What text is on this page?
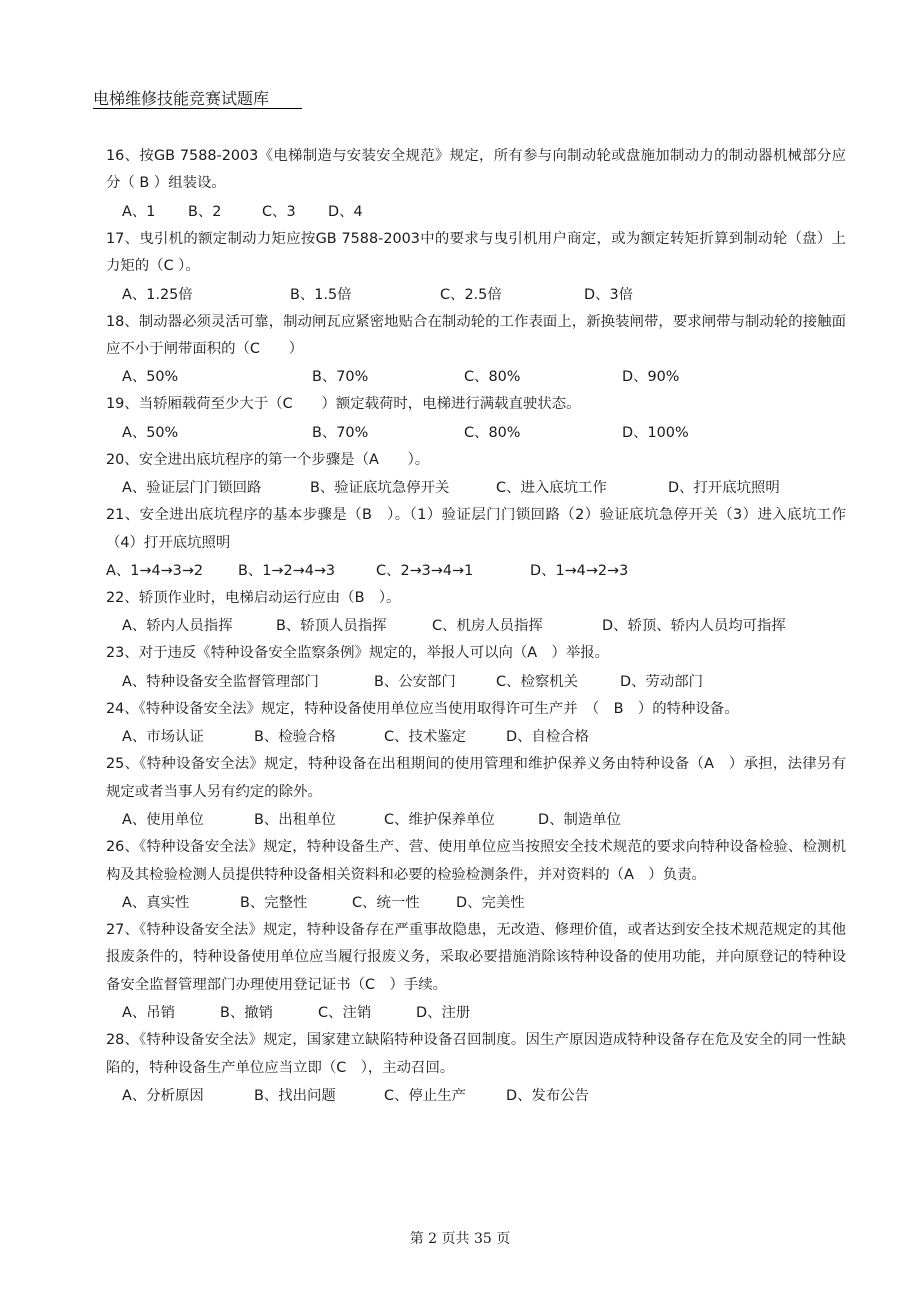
电梯维修技能竞赛试题库

16、按GB 7588-2003《电梯制造与安装安全规范》规定，所有参与向制动轮或盘施加制动力的制动器机械部分应分（ B ）组装设。

A、1 B、2	C、3 D、4

17、曳引机的额定制动力矩应按GB 7588-2003中的要求与曳引机用户商定，或为额定转矩折算到制动轮（盘）上力矩的（C ）。

A、1.25倍	B、1.5倍	C、2.5倍	D、3倍

18、制动器必须灵活可靠，制动闸瓦应紧密地贴合在制动轮的工作表面上，新换装闸带，要求闸带与制动轮的接触面应不小于闸带面积的（C　　）

A、50%	B、70%	C、80%	D、90%

19、当轿厢载荷至少大于（C　　）额定载荷时，电梯进行满载直驶状态。

A、50%	B、70%	C、80%	D、100%

20、安全进出底坑程序的第一个步骤是（A　　）。

A、验证层门门锁回路	B、验证底坑急停开关	C、进入底坑工作	D、打开底坑照明

21、安全进出底坑程序的基本步骤是（B　）。（1）验证层门门锁回路（2）验证底坑急停开关（3）进入底坑工作（4）打开底坑照明

A、1→4→3→2 B、1→2→4→3	C、2→3→4→1	D、1→4→2→3

22、轿顶作业时，电梯启动运行应由（B　）。

A、轿内人员指挥	B、轿顶人员指挥	C、机房人员指挥	D、轿顶、轿内人员均可指挥

23、对于违反《特种设备安全监察条例》规定的，举报人可以向（A　）举报。

A、特种设备安全监督管理部门	B、公安部门	C、检察机关	D、劳动部门

24、《特种设备安全法》规定，特种设备使用单位应当使用取得许可生产并　（　B　）的特种设备。

A、市场认证	B、检验合格	C、技术鉴定	D、自检合格

25、《特种设备安全法》规定，特种设备在出租期间的使用管理和维护保养义务由特种设备（A　）承担，法律另有规定或者当事人另有约定的除外。

A、使用单位	B、出租单位	C、维护保养单位	D、制造单位

26、《特种设备安全法》规定，特种设备生产、营、使用单位应当按照安全技术规范的要求向特种设备检验、检测机构及其检验检测人员提供特种设备相关资料和必要的检验检测条件，并对资料的（A　）负责。

A、真实性	B、完整性	C、统一性	D、完美性

27、《特种设备安全法》规定，特种设备存在严重事故隐患，无改造、修理价值，或者达到安全技术规范规定的其他报废条件的，特种设备使用单位应当履行报废义务，采取必要措施消除该特种设备的使用功能，并向原登记的特种设备安全监督管理部门办理使用登记证书（C　）手续。

A、吊销	B、撤销	C、注销	D、注册

28、《特种设备安全法》规定，国家建立缺陷特种设备召回制度。因生产原因造成特种设备存在危及安全的同一性缺陷的，特种设备生产单位应当立即（C　），主动召回。

A、分析原因	B、找出问题	C、停止生产	D、发布公告
第 2 页共 35 页
